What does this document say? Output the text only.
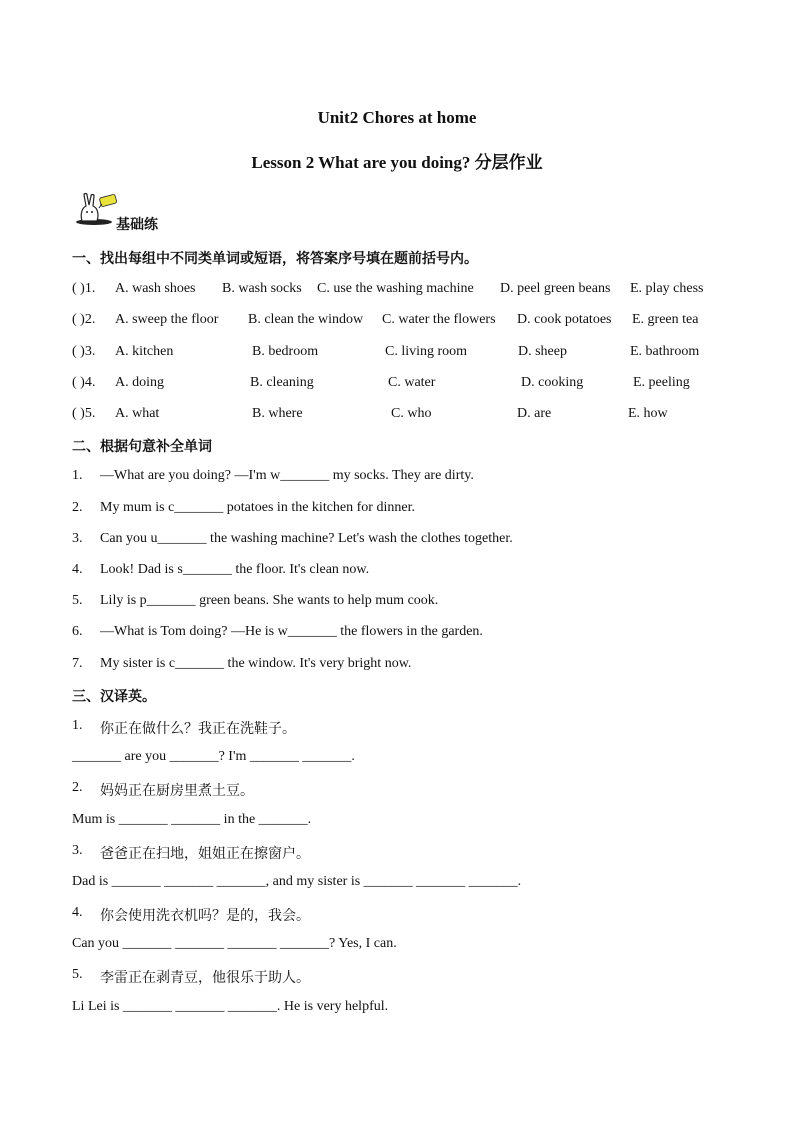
Unit2 Chores at home
Lesson 2 What are you doing? 分层作业
基础练
一、找出每组中不同类单词或短语，将答案序号填在题前括号内。
( )1. A. wash shoes B. wash socks C. use the washing machine D. peel green beans E. play chess
( )2. A. sweep the floor B. clean the window C. water the flowers D. cook potatoes E. green tea
( )3. A. kitchen	B. bedroom	C. living room	D. sheep	E. bathroom
( )4. A. doing	B. cleaning	C. water	D. cooking	E. peeling
( )5. A. what	B. where	C. who	D. are	E. how
二、根据句意补全单词
1. —What are you doing? —I'm w_______ my socks. They are dirty.
2. My mum is c_______ potatoes in the kitchen for dinner.
3. Can you u_______ the washing machine? Let's wash the clothes together.
4. Look! Dad is s_______ the floor. It's clean now.
5. Lily is p_______ green beans. She wants to help mum cook.
6. —What is Tom doing? —He is w_______ the flowers in the garden.
7. My sister is c_______ the window. It's very bright now.
三、汉译英。
1. 你正在做什么？我正在洗鞋子。
_______ are you _______? I'm _______ _______.
2. 妈妈正在厨房里煮土豆。
Mum is _______ _______ in the _______.
3. 爸爸正在扫地，姐姐正在擦窗户。
Dad is _______ _______ _______, and my sister is _______ _______ _______.
4. 你会使用洗衣机吗？是的，我会。
Can you _______ _______ _______ _______? Yes, I can.
5. 李雷正在剥青豆，他很乐于助人。
Li Lei is _______ _______ _______. He is very helpful.
